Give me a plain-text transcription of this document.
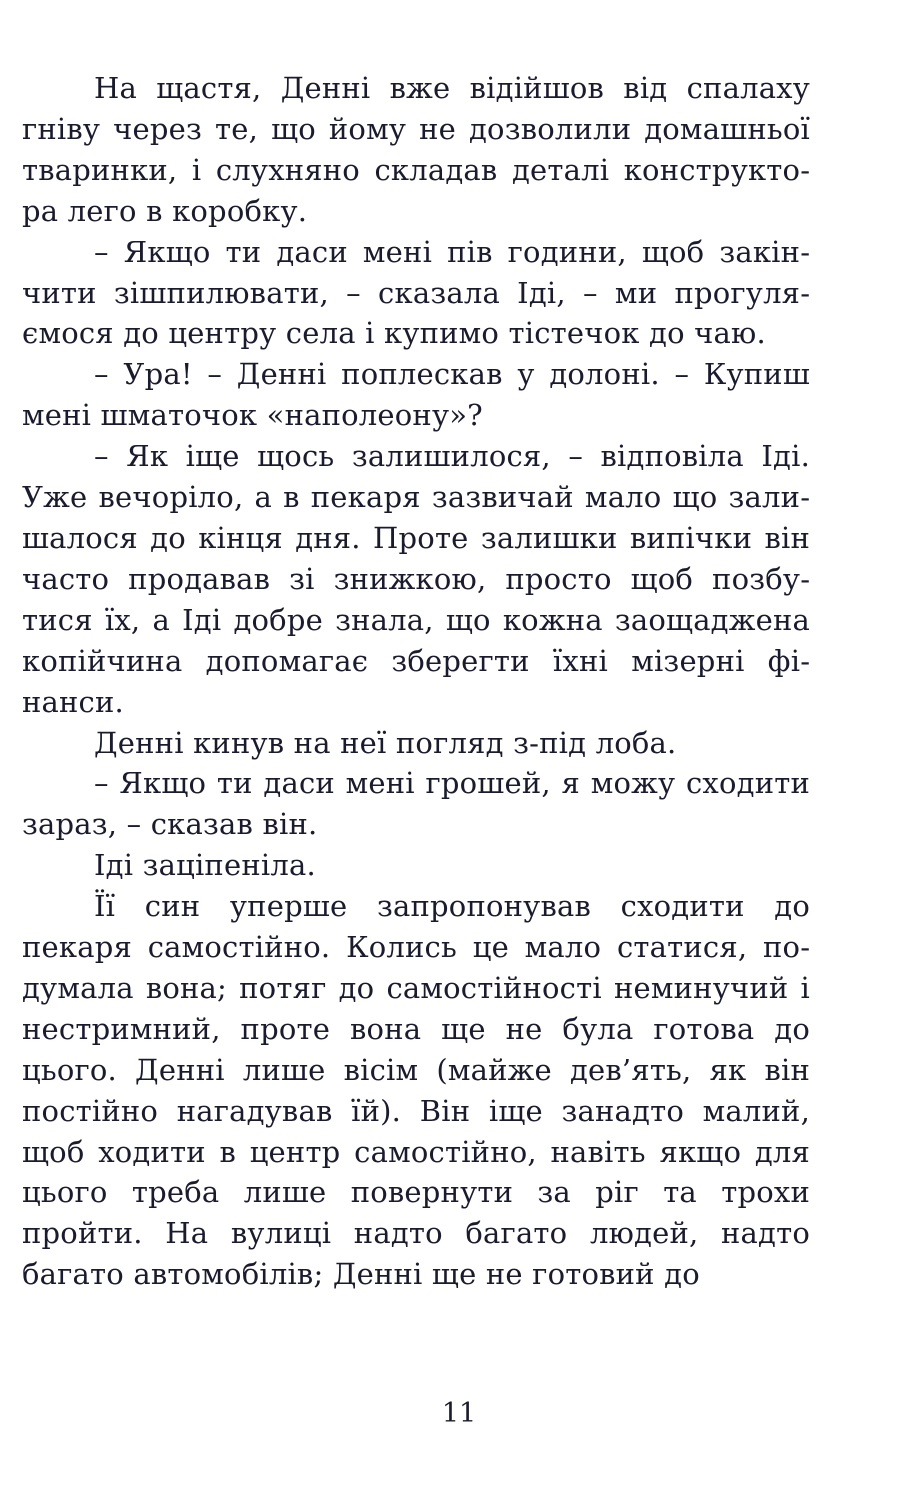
На щастя, Денні вже відійшов від спалаху гніву через те, що йому не дозволили домашньої тваринки, і слухняно складав деталі конструктора лего в коробку.

– Якщо ти даси мені пів години, щоб закінчити зішпилювати, – сказала Іді, – ми прогуляємося до центру села і купимо тістечок до чаю.

– Ура! – Денні поплескав у долоні. – Купиш мені шматочок «наполеону»?

– Як іще щось залишилося, – відповіла Іді. Уже вечоріло, а в пекаря зазвичай мало що залишалося до кінця дня. Проте залишки випічки він часто продавав зі знижкою, просто щоб позбутися їх, а Іді добре знала, що кожна заощаджена копійчина допомагає зберегти їхні мізерні фінанси.

Денні кинув на неї погляд з-під лоба.

– Якщо ти даси мені грошей, я можу сходити зараз, – сказав він.

Іді заціпеніла.

Її син уперше запропонував сходити до пекаря самостійно. Колись це мало статися, подумала вона; потяг до самостійності неминучий і нестримний, проте вона ще не була готова до цього. Денні лише вісім (майже дев’ять, як він постійно нагадував їй). Він іще занадто малий, щоб ходити в центр самостійно, навіть якщо для цього треба лише повернути за ріг та трохи пройти. На вулиці надто багато людей, надто багато автомобілів; Денні ще не готовий до

11
